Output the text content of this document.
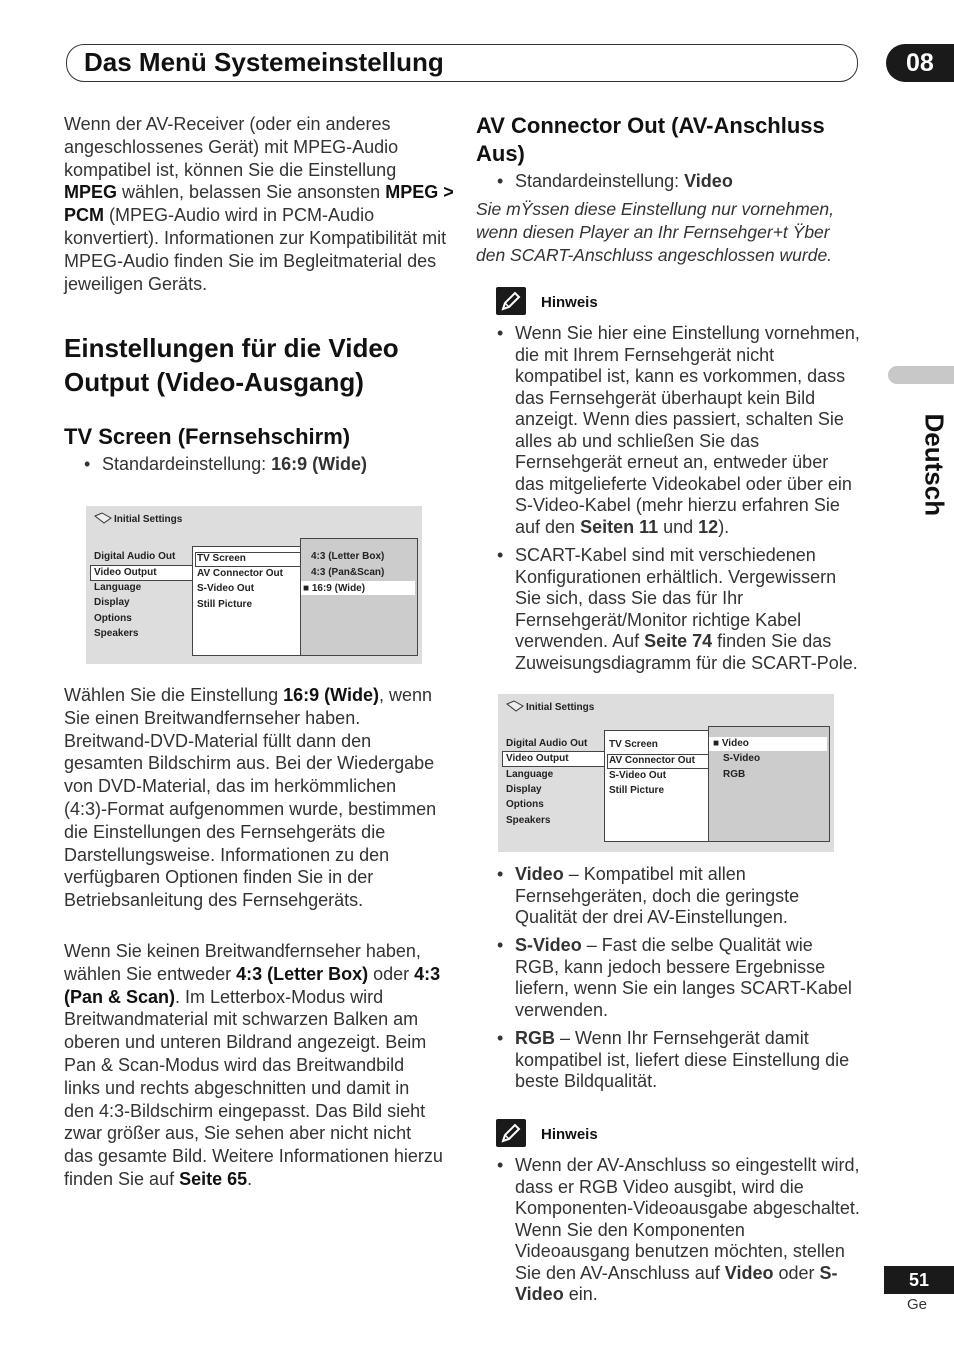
Das Menü Systemeinstellung	08
Deutsch
Wenn der AV-Receiver (oder ein anderes angeschlossenes Gerät) mit MPEG-Audio kompatibel ist, können Sie die Einstellung MPEG wählen, belassen Sie ansonsten MPEG > PCM (MPEG-Audio wird in PCM-Audio konvertiert). Informationen zur Kompatibilität mit MPEG-Audio finden Sie im Begleitmaterial des jeweiligen Geräts.
Einstellungen für die Video Output (Video-Ausgang)
TV Screen (Fernsehschirm)
• Standardeinstellung: 16:9 (Wide)
Initial Settings
Digital Audio Out
Video Output
Language
Display
Options
Speakers
TV Screen
AV Connector Out
S-Video Out
Still Picture
4:3 (Letter Box)
4:3 (Pan&Scan)
■ 16:9 (Wide)
Wählen Sie die Einstellung 16:9 (Wide), wenn Sie einen Breitwandfernseher haben. Breitwand-DVD-Material füllt dann den gesamten Bildschirm aus. Bei der Wiedergabe von DVD-Material, das im herkömmlichen (4:3)-Format aufgenommen wurde, bestimmen die Einstellungen des Fernsehgeräts die Darstellungsweise. Informationen zu den verfügbaren Optionen finden Sie in der Betriebsanleitung des Fernsehgeräts.
Wenn Sie keinen Breitwandfernseher haben, wählen Sie entweder 4:3 (Letter Box) oder 4:3 (Pan & Scan). Im Letterbox-Modus wird Breitwandmaterial mit schwarzen Balken am oberen und unteren Bildrand angezeigt. Beim Pan & Scan-Modus wird das Breitwandbild links und rechts abgeschnitten und damit in den 4:3-Bildschirm eingepasst. Das Bild sieht zwar größer aus, Sie sehen aber nicht nicht das gesamte Bild. Weitere Informationen hierzu finden Sie auf Seite 65.
AV Connector Out (AV-Anschluss Aus)
• Standardeinstellung: Video
Sie mŸssen diese Einstellung nur vornehmen, wenn diesen Player an Ihr Fernsehger+t Ÿber den SCART-Anschluss angeschlossen wurde.
Hinweis
• Wenn Sie hier eine Einstellung vornehmen, die mit Ihrem Fernsehgerät nicht kompatibel ist, kann es vorkommen, dass das Fernsehgerät überhaupt kein Bild anzeigt. Wenn dies passiert, schalten Sie alles ab und schließen Sie das Fernsehgerät erneut an, entweder über das mitgelieferte Videokabel oder über ein S-Video-Kabel (mehr hierzu erfahren Sie auf den Seiten 11 und 12).
• SCART-Kabel sind mit verschiedenen Konfigurationen erhältlich. Vergewissern Sie sich, dass Sie das für Ihr Fernsehgerät/Monitor richtige Kabel verwenden. Auf Seite 74 finden Sie das Zuweisungsdiagramm für die SCART-Pole.
Initial Settings
Digital Audio Out
Video Output
Language
Display
Options
Speakers
TV Screen
AV Connector Out
S-Video Out
Still Picture
■ Video
S-Video
RGB
• Video – Kompatibel mit allen Fernsehgeräten, doch die geringste Qualität der drei AV-Einstellungen.
• S-Video – Fast die selbe Qualität wie RGB, kann jedoch bessere Ergebnisse liefern, wenn Sie ein langes SCART-Kabel verwenden.
• RGB – Wenn Ihr Fernsehgerät damit kompatibel ist, liefert diese Einstellung die beste Bildqualität.
Hinweis
• Wenn der AV-Anschluss so eingestellt wird, dass er RGB Video ausgibt, wird die Komponenten-Videoausgabe abgeschaltet. Wenn Sie den Komponenten Videoausgang benutzen möchten, stellen Sie den AV-Anschluss auf Video oder S-Video ein.
51
Ge
